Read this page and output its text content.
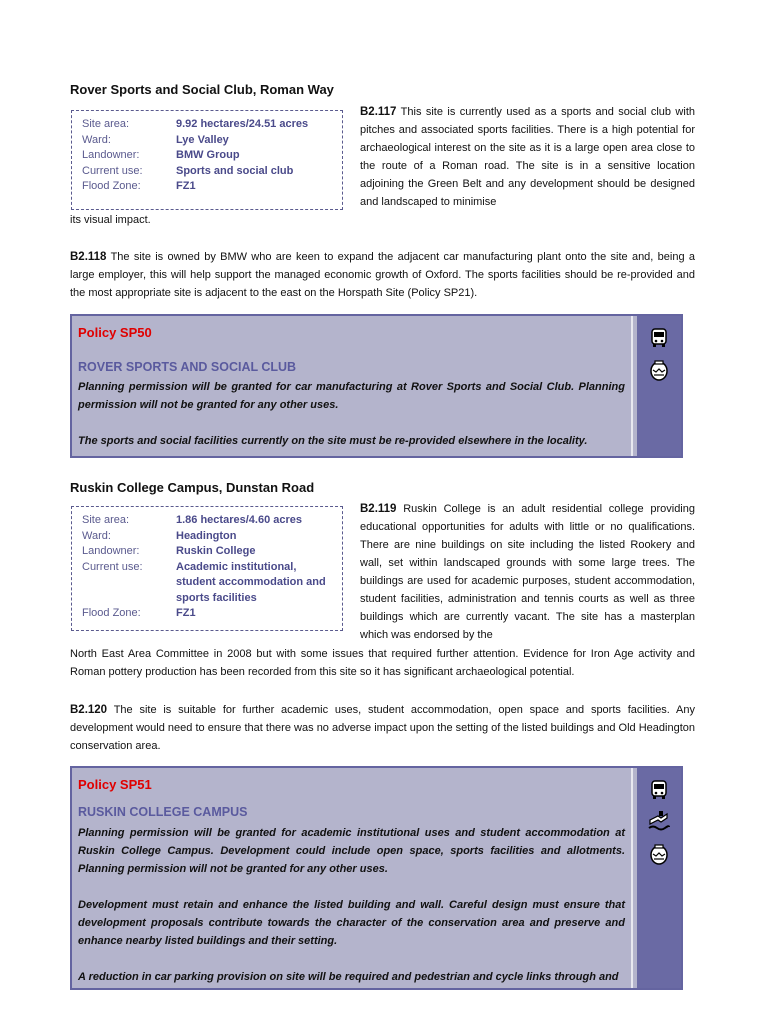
Rover Sports and Social Club, Roman Way
Site area:	9.92 hectares/24.51 acres
Ward:	Lye Valley
Landowner:	BMW Group
Current use:	Sports and social club
Flood Zone:	FZ1
B2.117 This site is currently used as a sports and social club with pitches and associated sports facilities. There is a high potential for archaeological interest on the site as it is a large open area close to the route of a Roman road. The site is in a sensitive location adjoining the Green Belt and any development should be designed and landscaped to minimise
its visual impact.
B2.118 The site is owned by BMW who are keen to expand the adjacent car manufacturing plant onto the site and, being a large employer, this will help support the managed economic growth of Oxford. The sports facilities should be re-provided and the most appropriate site is adjacent to the east on the Horspath Site (Policy SP21).
Policy SP50
ROVER SPORTS AND SOCIAL CLUB
Planning permission will be granted for car manufacturing at Rover Sports and Social Club. Planning permission will not be granted for any other uses.
The sports and social facilities currently on the site must be re-provided elsewhere in the locality.
Ruskin College Campus, Dunstan Road
Site area:	1.86 hectares/4.60 acres
Ward:	Headington
Landowner:	Ruskin College
Current use:	Academic institutional, student accommodation and sports facilities
Flood Zone:	FZ1
B2.119 Ruskin College is an adult residential college providing educational opportunities for adults with little or no qualifications. There are nine buildings on site including the listed Rookery and wall, set within landscaped grounds with some large trees. The buildings are used for academic purposes, student accommodation, student facilities, administration and tennis courts as well as three buildings which are currently vacant. The site has a masterplan which was endorsed by the
North East Area Committee in 2008 but with some issues that required further attention. Evidence for Iron Age activity and Roman pottery production has been recorded from this site so it has significant archaeological potential.
B2.120 The site is suitable for further academic uses, student accommodation, open space and sports facilities. Any development would need to ensure that there was no adverse impact upon the setting of the listed buildings and Old Headington conservation area.
Policy SP51
RUSKIN COLLEGE CAMPUS
Planning permission will be granted for academic institutional uses and student accommodation at Ruskin College Campus. Development could include open space, sports facilities and allotments. Planning permission will not be granted for any other uses.
Development must retain and enhance the listed building and wall. Careful design must ensure that development proposals contribute towards the character of the conservation area and preserve and enhance nearby listed buildings and their setting.
A reduction in car parking provision on site will be required and pedestrian and cycle links through and
